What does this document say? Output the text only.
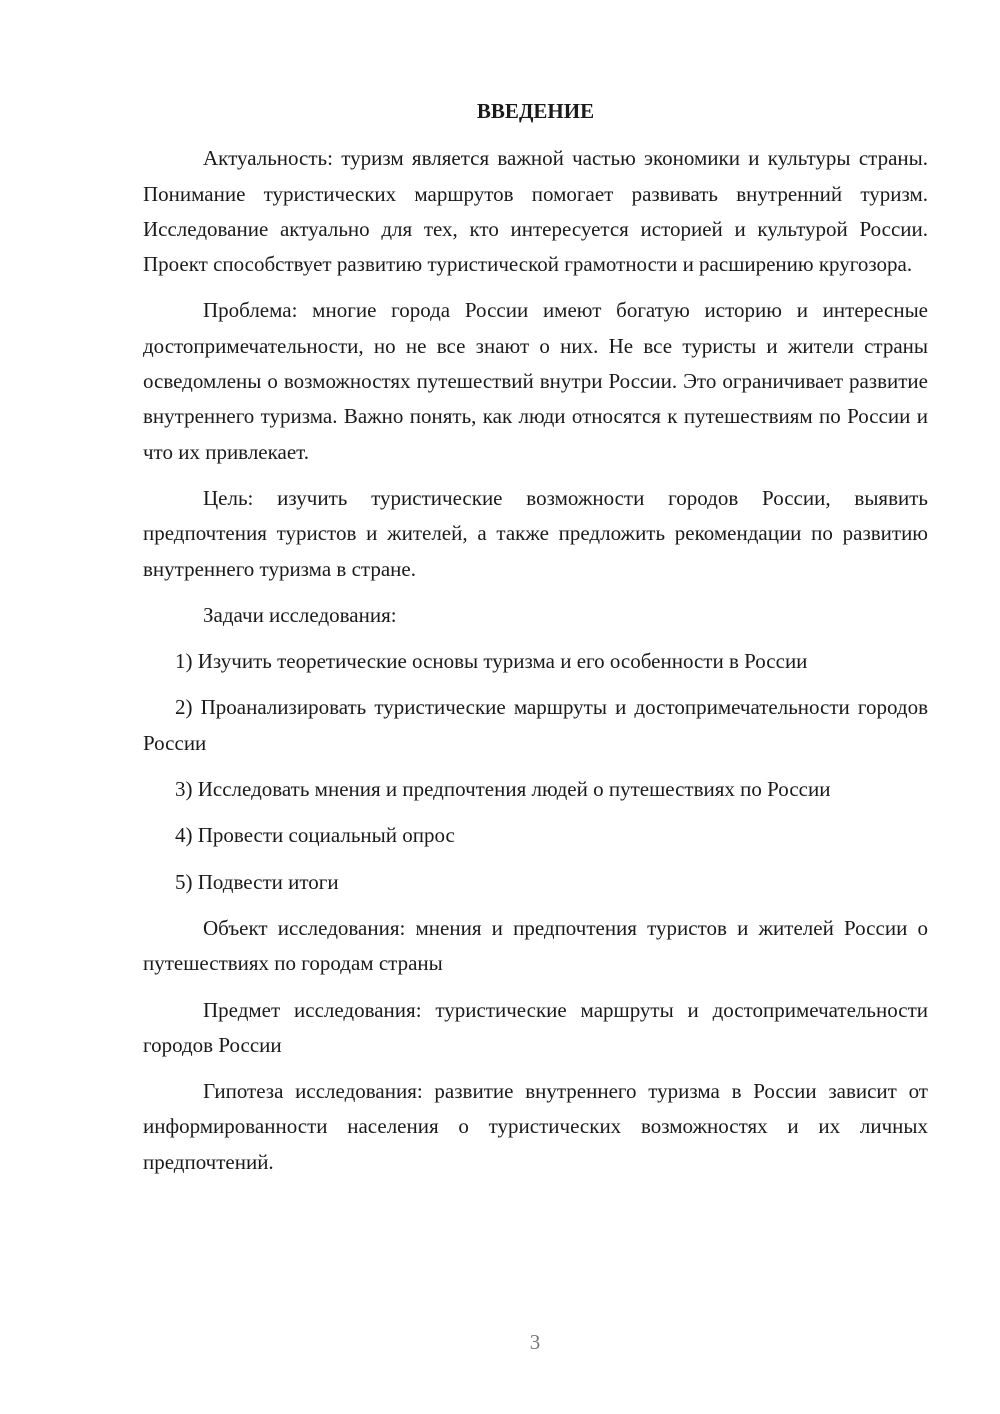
ВВЕДЕНИЕ

Актуальность: туризм является важной частью экономики и культуры страны. Понимание туристических маршрутов помогает развивать внутренний туризм. Исследование актуально для тех, кто интересуется историей и культурой России. Проект способствует развитию туристической грамотности и расширению кругозора.

Проблема: многие города России имеют богатую историю и интересные достопримечательности, но не все знают о них. Не все туристы и жители страны осведомлены о возможностях путешествий внутри России. Это ограничивает развитие внутреннего туризма. Важно понять, как люди относятся к путешествиям по России и что их привлекает.

Цель: изучить туристические возможности городов России, выявить предпочтения туристов и жителей, а также предложить рекомендации по развитию внутреннего туризма в стране.

Задачи исследования:

1) Изучить теоретические основы туризма и его особенности в России

2) Проанализировать туристические маршруты и достопримечательности городов России

3) Исследовать мнения и предпочтения людей о путешествиях по России

4) Провести социальный опрос

5) Подвести итоги

Объект исследования: мнения и предпочтения туристов и жителей России о путешествиях по городам страны

Предмет исследования: туристические маршруты и достопримечательности городов России

Гипотеза исследования: развитие внутреннего туризма в России зависит от информированности населения о туристических возможностях и их личных предпочтений.

3
